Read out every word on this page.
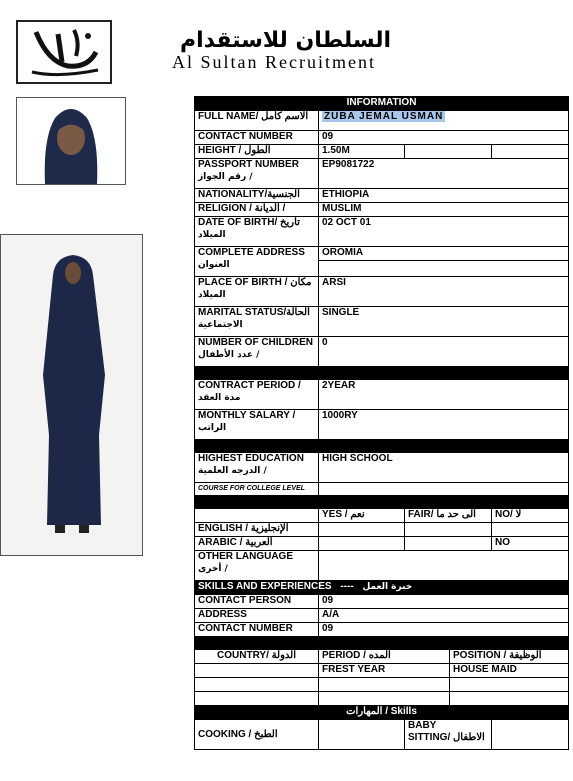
السلطان للاستقدام
Al Sultan Recruitment
INFORMATION				
FULL NAME/ الاسم كامل	ZUBA JEMAL USMAN			
CONTACT NUMBER	09			
HEIGHT / الطول	1.50M			

PASSPORT NUMBER
رقم الجواز /	EP9081722			
NATIONALITY/الجنسية	ETHIOPIA			
RELIGION / الديانة /	MUSLIM			

DATE OF BIRTH/ تاريخ
الميلاد	02 OCT 01			

COMPLETE ADDRESS
العنوان	OROMIA			

PLACE OF BIRTH / مكان
الميلاد	ARSI			

MARITAL STATUS/الحالة
الاجتماعية	SINGLE			

NUMBER OF CHILDREN
عدد الأطفال /	0			

CONTRACT PERIOD /
مدة العقد	2YEAR			

MONTHLY SALARY /
الراتب	1000RY			

HIGHEST EDUCATION
الدرجه العلمية /	HIGH SCHOOL			
COURSE FOR COLLEGE LEVEL				

	YES / نعم	FAIR/ الى حد ما		NO/ لا
ENGLISH / الإنجليزية				
ARABIC / العربية				NO

OTHER LANGUAGE
أخرى /				

SKILLS AND EXPERIENCES ---- خبرة العمل				
CONTACT PERSON	09			
ADDRESS	A/A			
CONTACT NUMBER	09			

COUNTRY/ الدولة	PERIOD / المده		POSITION / الوظيفة	
	FREST YEAR		HOUSE MAID	

المهارات / Skills				
COOKING / الطبخ		BABY
SITTING/ الاطفال		
